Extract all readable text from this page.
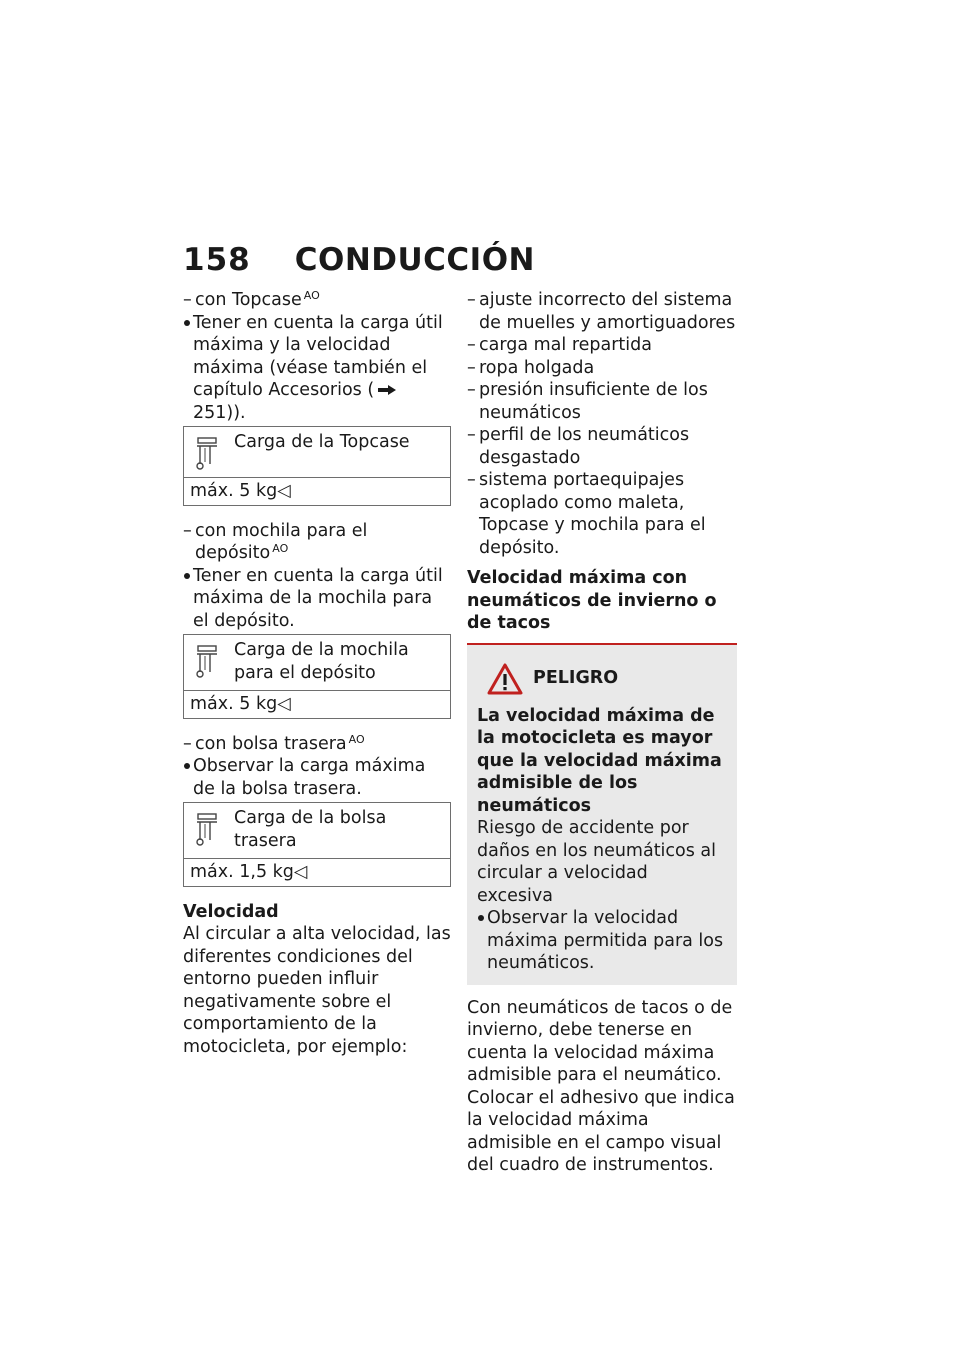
158 CONDUCCIÓN
– con Topcase $^{AO}$
Tener en cuenta la carga útil máxima y la velocidad máxima (véase también el capítulo Accesorios (251)).
Carga de la Topcase
máx. 5 kg◁
– con mochila para el depósito $^{AO}$
Tener en cuenta la carga útil máxima de la mochila para el depósito.
Carga de la mochila para el depósito
máx. 5 kg◁
– con bolsa trasera $^{AO}$
Observar la carga máxima de la bolsa trasera.
Carga de la bolsa trasera
máx. 1,5 kg◁
Velocidad
Al circular a alta velocidad, las diferentes condiciones del entorno pueden influir negativamente sobre el comportamiento de la motocicleta, por ejemplo:
– ajuste incorrecto del sistema de muelles y amortiguadores
– carga mal repartida
– ropa holgada
– presión insuficiente de los neumáticos
– perfil de los neumáticos desgastado
– sistema portaequipajes acoplado como maleta, Topcase y mochila para el depósito.
Velocidad máxima con neumáticos de invierno o de tacos
PELIGRO
La velocidad máxima de la motocicleta es mayor que la velocidad máxima admisible de los neumáticos
Riesgo de accidente por daños en los neumáticos al circular a velocidad excesiva
Observar la velocidad máxima permitida para los neumáticos.
Con neumáticos de tacos o de invierno, debe tenerse en cuenta la velocidad máxima admisible para el neumático.
Colocar el adhesivo que indica la velocidad máxima admisible en el campo visual del cuadro de instrumentos.
